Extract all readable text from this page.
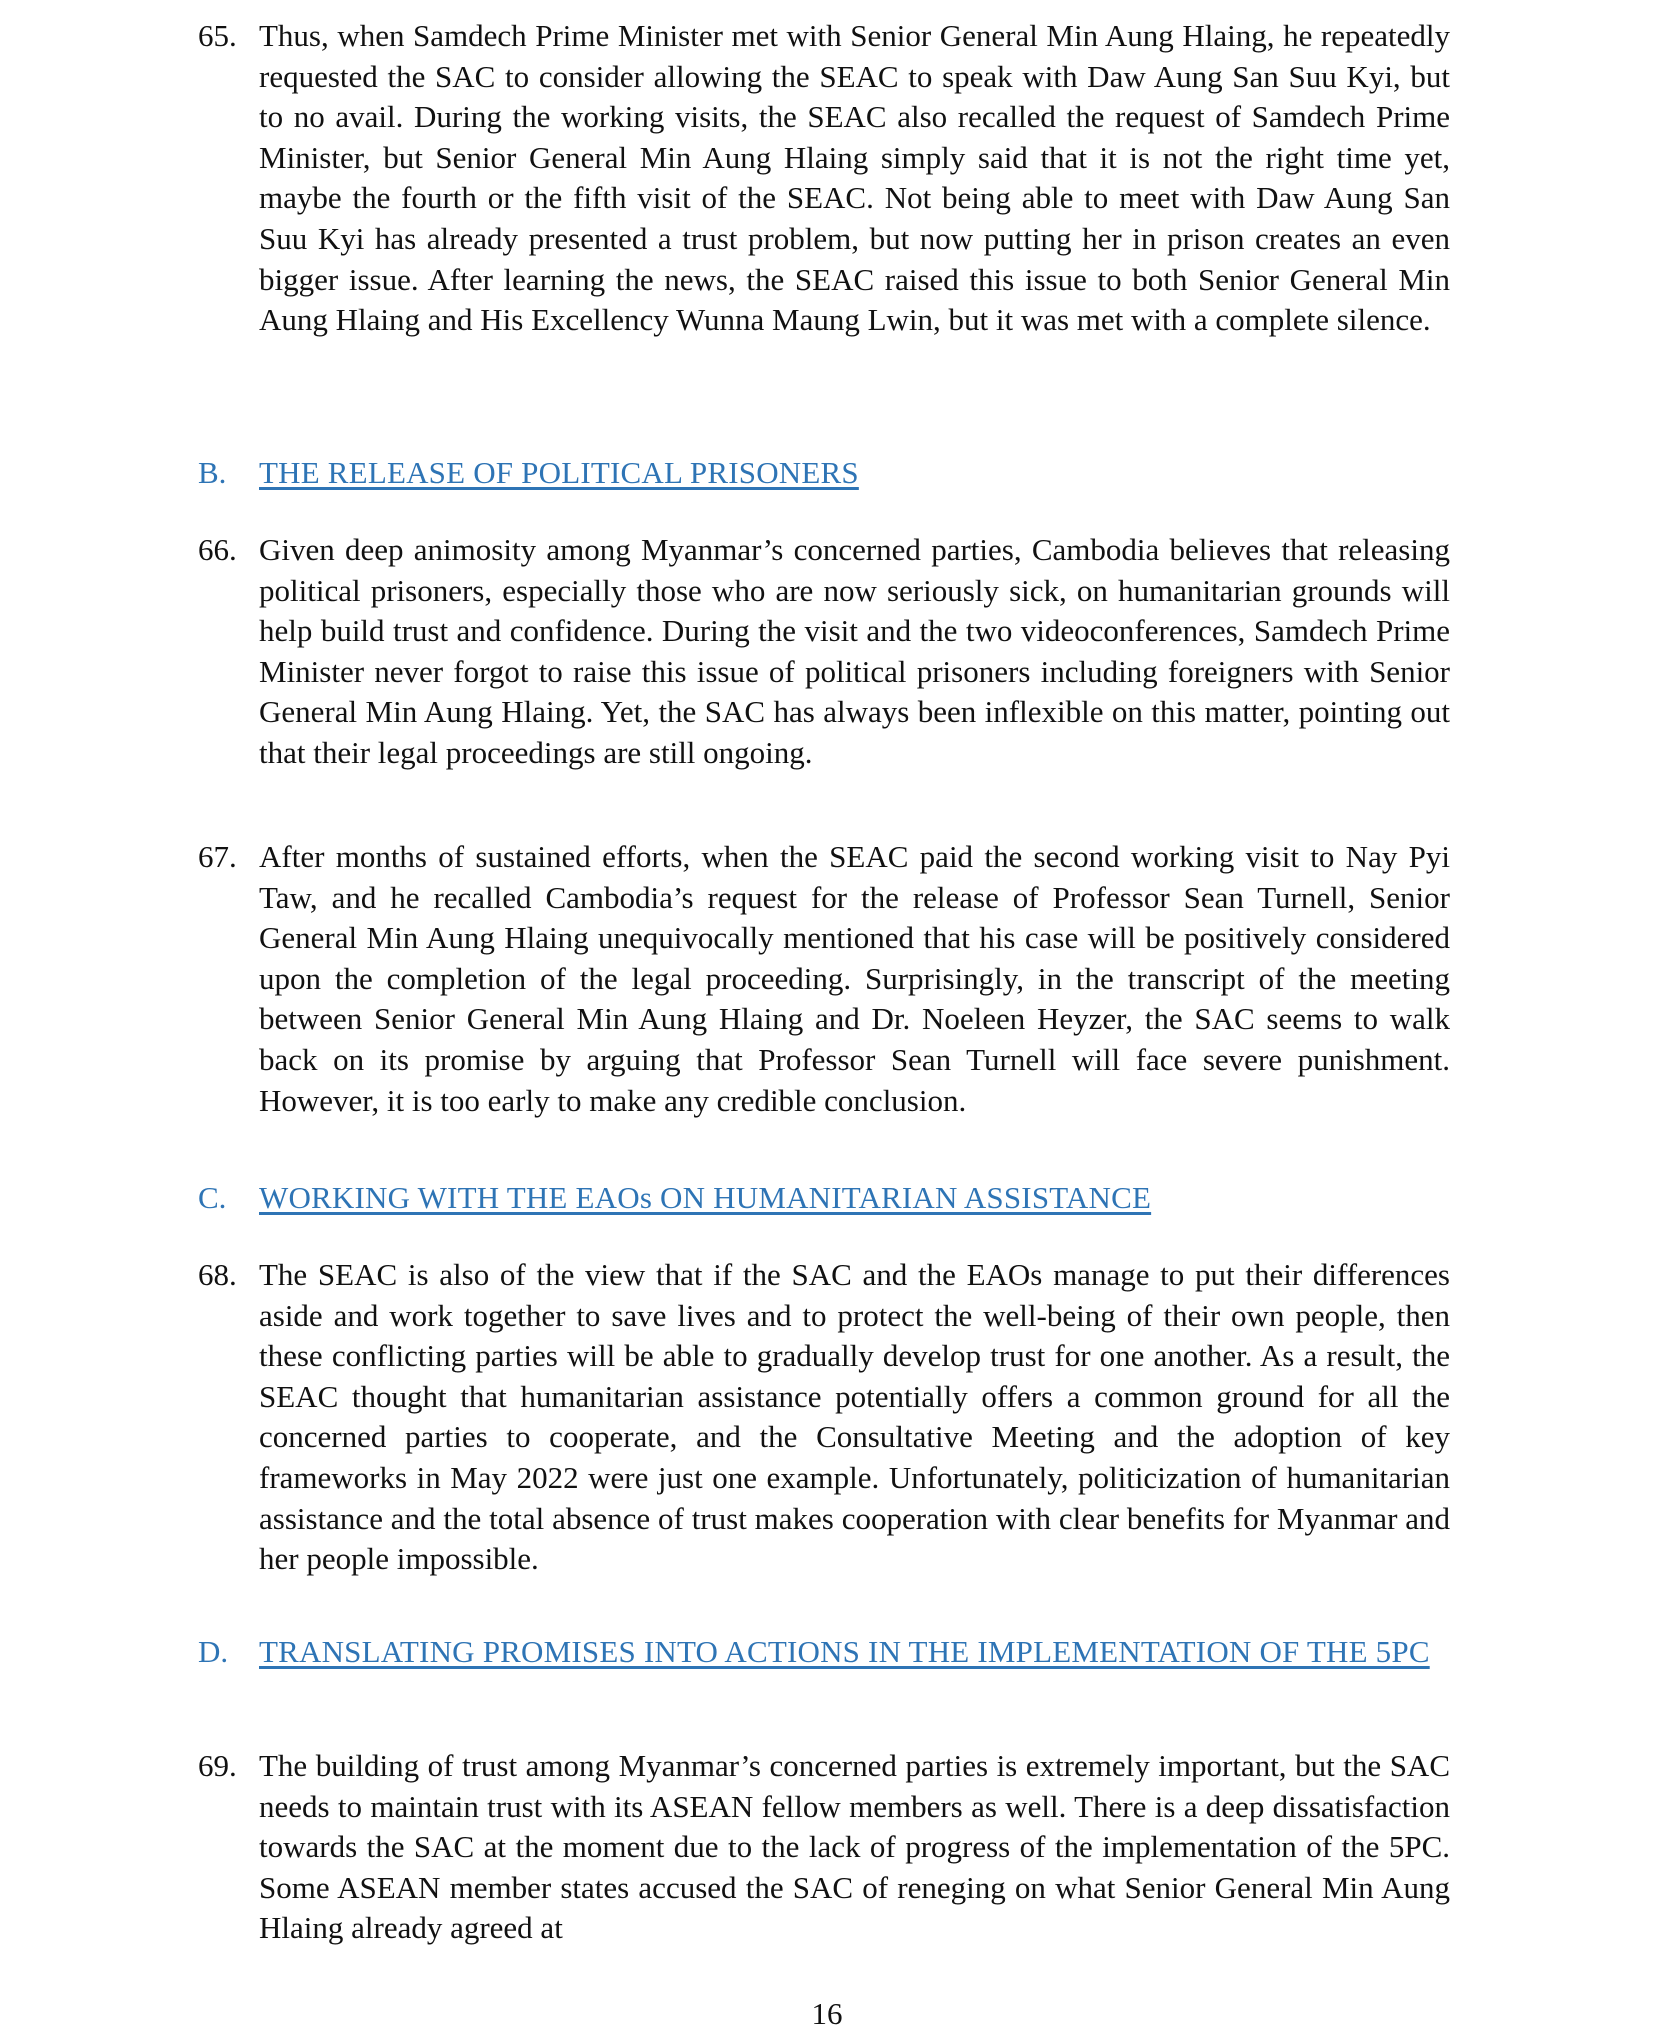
65. Thus, when Samdech Prime Minister met with Senior General Min Aung Hlaing, he repeatedly requested the SAC to consider allowing the SEAC to speak with Daw Aung San Suu Kyi, but to no avail. During the working visits, the SEAC also recalled the request of Samdech Prime Minister, but Senior General Min Aung Hlaing simply said that it is not the right time yet, maybe the fourth or the fifth visit of the SEAC. Not being able to meet with Daw Aung San Suu Kyi has already presented a trust problem, but now putting her in prison creates an even bigger issue. After learning the news, the SEAC raised this issue to both Senior General Min Aung Hlaing and His Excellency Wunna Maung Lwin, but it was met with a complete silence.
B. THE RELEASE OF POLITICAL PRISONERS
66. Given deep animosity among Myanmar’s concerned parties, Cambodia believes that releasing political prisoners, especially those who are now seriously sick, on humanitarian grounds will help build trust and confidence. During the visit and the two videoconferences, Samdech Prime Minister never forgot to raise this issue of political prisoners including foreigners with Senior General Min Aung Hlaing. Yet, the SAC has always been inflexible on this matter, pointing out that their legal proceedings are still ongoing.
67. After months of sustained efforts, when the SEAC paid the second working visit to Nay Pyi Taw, and he recalled Cambodia’s request for the release of Professor Sean Turnell, Senior General Min Aung Hlaing unequivocally mentioned that his case will be positively considered upon the completion of the legal proceeding. Surprisingly, in the transcript of the meeting between Senior General Min Aung Hlaing and Dr. Noeleen Heyzer, the SAC seems to walk back on its promise by arguing that Professor Sean Turnell will face severe punishment. However, it is too early to make any credible conclusion.
C. WORKING WITH THE EAOs ON HUMANITARIAN ASSISTANCE
68. The SEAC is also of the view that if the SAC and the EAOs manage to put their differences aside and work together to save lives and to protect the well-being of their own people, then these conflicting parties will be able to gradually develop trust for one another. As a result, the SEAC thought that humanitarian assistance potentially offers a common ground for all the concerned parties to cooperate, and the Consultative Meeting and the adoption of key frameworks in May 2022 were just one example. Unfortunately, politicization of humanitarian assistance and the total absence of trust makes cooperation with clear benefits for Myanmar and her people impossible.
D. TRANSLATING PROMISES INTO ACTIONS IN THE IMPLEMENTATION OF THE 5PC
69. The building of trust among Myanmar’s concerned parties is extremely important, but the SAC needs to maintain trust with its ASEAN fellow members as well. There is a deep dissatisfaction towards the SAC at the moment due to the lack of progress of the implementation of the 5PC. Some ASEAN member states accused the SAC of reneging on what Senior General Min Aung Hlaing already agreed at
16
